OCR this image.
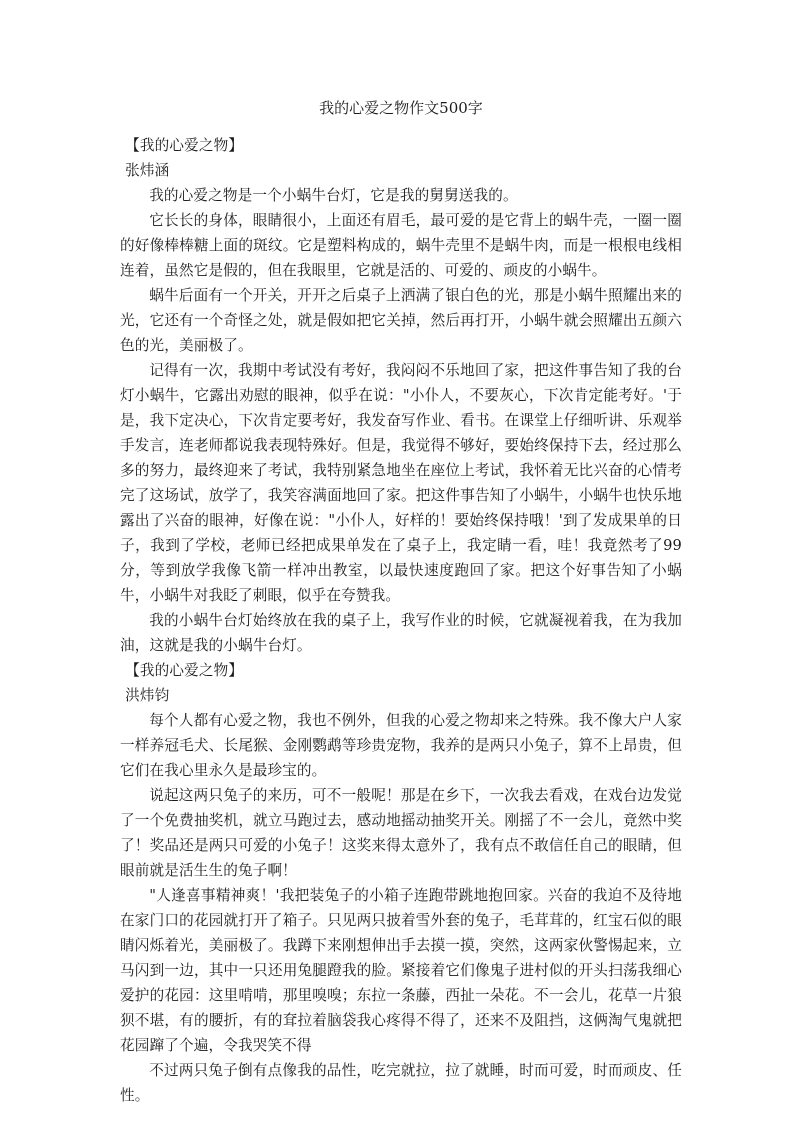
我的心爱之物作文500字

【我的心爱之物】

张炜涵

我的心爱之物是一个小蜗牛台灯，它是我的舅舅送我的。

它长长的身体，眼睛很小，上面还有眉毛，最可爱的是它背上的蜗牛壳，一圈一圈的好像棒棒糖上面的斑纹。它是塑料构成的，蜗牛壳里不是蜗牛肉，而是一根根电线相连着，虽然它是假的，但在我眼里，它就是活的、可爱的、顽皮的小蜗牛。

蜗牛后面有一个开关，开开之后桌子上洒满了银白色的光，那是小蜗牛照耀出来的光，它还有一个奇怪之处，就是假如把它关掉，然后再打开，小蜗牛就会照耀出五颜六色的光，美丽极了。

记得有一次，我期中考试没有考好，我闷闷不乐地回了家，把这件事告知了我的台灯小蜗牛，它露出劝慰的眼神，似乎在说："小仆人，不要灰心，下次肯定能考好。'于是，我下定决心，下次肯定要考好，我发奋写作业、看书。在课堂上仔细听讲、乐观举手发言，连老师都说我表现特殊好。但是，我觉得不够好，要始终保持下去，经过那么多的努力，最终迎来了考试，我特别紧急地坐在座位上考试，我怀着无比兴奋的心情考完了这场试，放学了，我笑容满面地回了家。把这件事告知了小蜗牛，小蜗牛也快乐地露出了兴奋的眼神，好像在说："小仆人，好样的！要始终保持哦！'到了发成果单的日子，我到了学校，老师已经把成果单发在了桌子上，我定睛一看，哇！我竟然考了99分，等到放学我像飞箭一样冲出教室，以最快速度跑回了家。把这个好事告知了小蜗牛，小蜗牛对我眨了刺眼，似乎在夸赞我。

我的小蜗牛台灯始终放在我的桌子上，我写作业的时候，它就凝视着我，在为我加油，这就是我的小蜗牛台灯。

【我的心爱之物】

洪炜钧

每个人都有心爱之物，我也不例外，但我的心爱之物却来之特殊。我不像大户人家一样养冠毛犬、长尾猴、金刚鹦鹉等珍贵宠物，我养的是两只小兔子，算不上昂贵，但它们在我心里永久是最珍宝的。

说起这两只兔子的来历，可不一般呢！那是在乡下，一次我去看戏，在戏台边发觉了一个免费抽奖机，就立马跑过去，感动地摇动抽奖开关。刚摇了不一会儿，竟然中奖了！奖品还是两只可爱的小兔子！这奖来得太意外了，我有点不敢信任自己的眼睛，但眼前就是活生生的兔子啊！

"人逢喜事精神爽！'我把装兔子的小箱子连跑带跳地抱回家。兴奋的我迫不及待地在家门口的花园就打开了箱子。只见两只披着雪外套的兔子，毛茸茸的，红宝石似的眼睛闪烁着光，美丽极了。我蹲下来刚想伸出手去摸一摸，突然，这两家伙警惕起来，立马闪到一边，其中一只还用兔腿蹬我的脸。紧接着它们像鬼子进村似的开头扫荡我细心爱护的花园：这里啃啃，那里嗅嗅；东拉一条藤，西扯一朵花。不一会儿，花草一片狼狈不堪，有的腰折，有的耷拉着脑袋我心疼得不得了，还来不及阻挡，这俩淘气鬼就把花园蹿了个遍，令我哭笑不得

不过两只兔子倒有点像我的品性，吃完就拉，拉了就睡，时而可爱，时而顽皮、任性。
